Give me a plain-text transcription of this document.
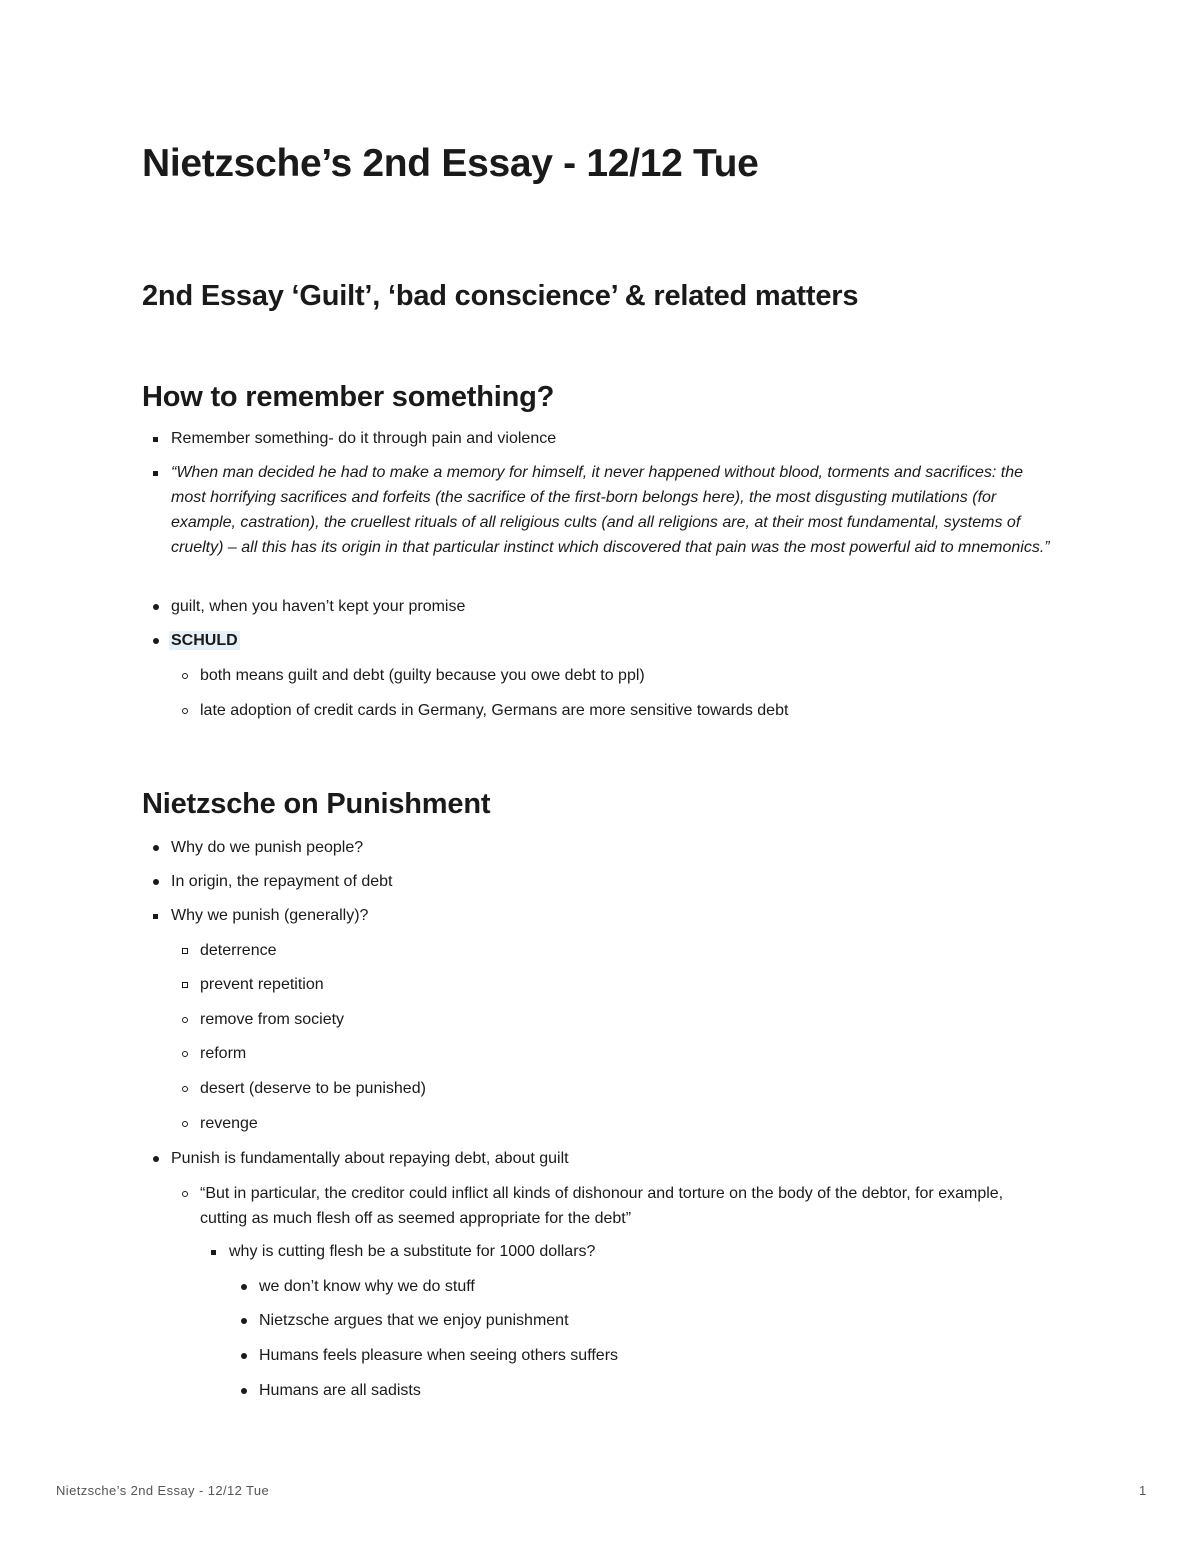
Nietzsche’s 2nd Essay - 12/12 Tue
2nd Essay ‘Guilt’, ‘bad conscience’ & related matters
How to remember something?
Remember something- do it through pain and violence
“When man decided he had to make a memory for himself, it never happened without blood, torments and sacrifices: the most horrifying sacrifices and forfeits (the sacrifice of the first-born belongs here), the most disgusting mutilations (for example, castration), the cruellest rituals of all religious cults (and all religions are, at their most fundamental, systems of cruelty) – all this has its origin in that particular instinct which discovered that pain was the most powerful aid to mnemonics.”
guilt, when you haven’t kept your promise
SCHULD
both means guilt and debt (guilty because you owe debt to ppl)
late adoption of credit cards in Germany, Germans are more sensitive towards debt
Nietzsche on Punishment
Why do we punish people?
In origin, the repayment of debt
Why we punish (generally)?
deterrence
prevent repetition
remove from society
reform
desert (deserve to be punished)
revenge
Punish is fundamentally about repaying debt, about guilt
“But in particular, the creditor could inflict all kinds of dishonour and torture on the body of the debtor, for example, cutting as much flesh off as seemed appropriate for the debt”
why is cutting flesh be a substitute for 1000 dollars?
we don’t know why we do stuff
Nietzsche argues that we enjoy punishment
Humans feels pleasure when seeing others suffers
Humans are all sadists
Nietzsche’s 2nd Essay - 12/12 Tue	1
